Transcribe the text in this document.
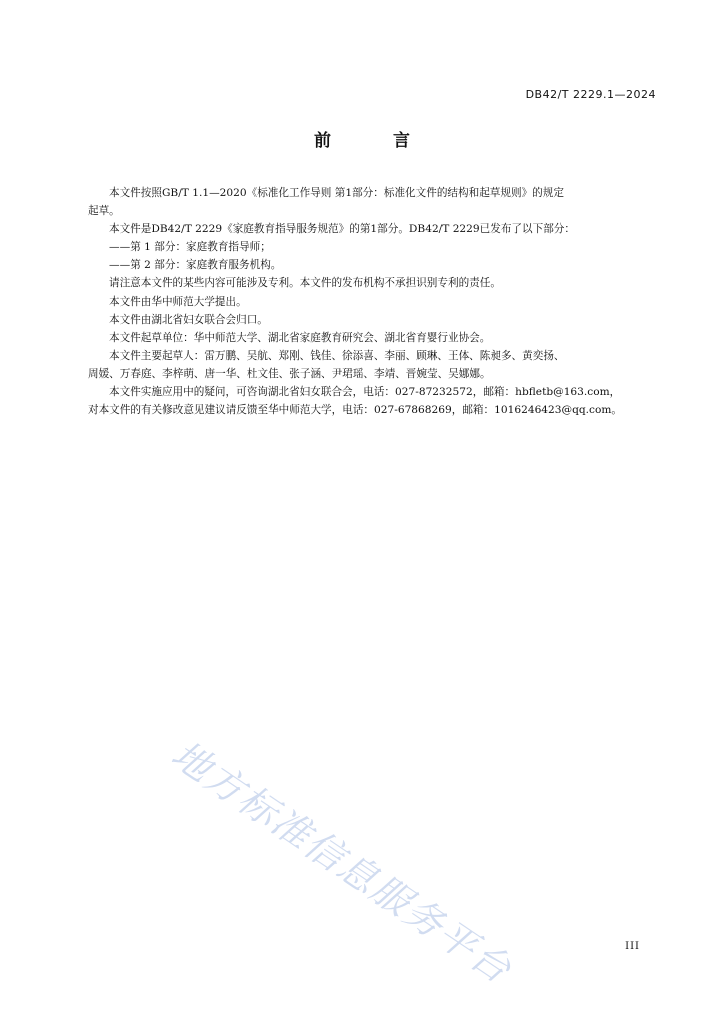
DB42/T 2229.1—2024
前 言
本文件按照GB/T 1.1—2020《标准化工作导则 第1部分：标准化文件的结构和起草规则》的规定
起草。
本文件是DB42/T 2229《家庭教育指导服务规范》的第1部分。DB42/T 2229已发布了以下部分：
——第 1 部分：家庭教育指导师；
——第 2 部分：家庭教育服务机构。
请注意本文件的某些内容可能涉及专利。本文件的发布机构不承担识别专利的责任。
本文件由华中师范大学提出。
本文件由湖北省妇女联合会归口。
本文件起草单位：华中师范大学、湖北省家庭教育研究会、湖北省育婴行业协会。
本文件主要起草人：雷万鹏、吴航、郑刚、钱佳、徐添喜、李丽、顾琳、王体、陈昶多、黄奕扬、
周媛、万春庭、李梓萌、唐一华、杜文佳、张子涵、尹珺瑶、李靖、晋婉莹、吴娜娜。
本文件实施应用中的疑问，可咨询湖北省妇女联合会，电话：027-87232572，邮箱：hbfletb@163.com，
对本文件的有关修改意见建议请反馈至华中师范大学，电话：027-67868269，邮箱：1016246423@qq.com。
地方标准信息服务平台	III
